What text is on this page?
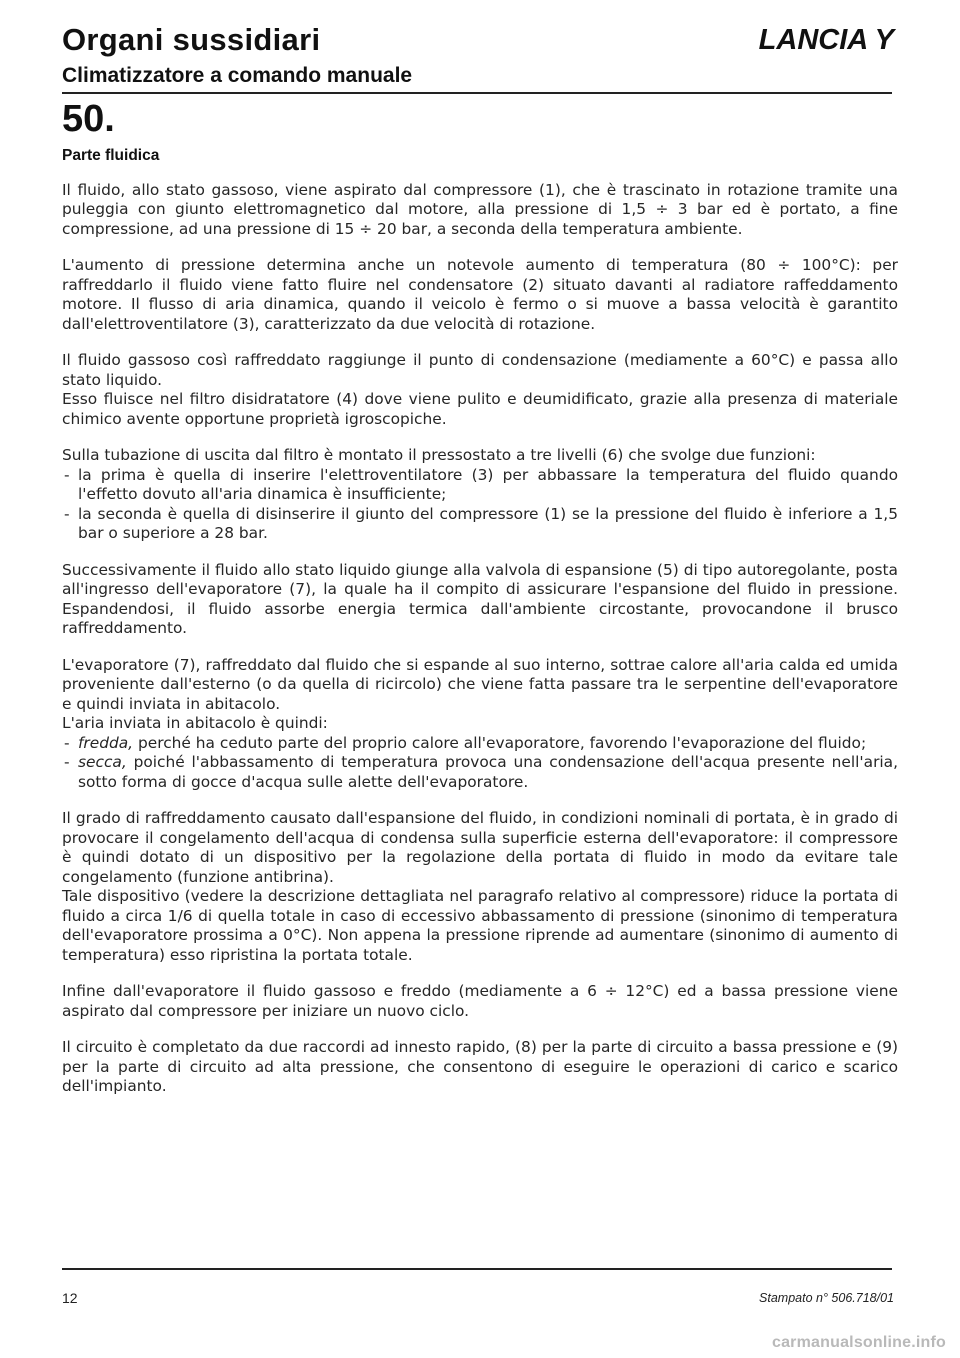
Organi sussidiari	LANCIA Y
Climatizzatore a comando manuale
50.
Parte fluidica

Il fluido, allo stato gassoso, viene aspirato dal compressore (1), che è trascinato in rotazione tramite una puleggia con giunto elettromagnetico dal motore, alla pressione di 1,5 ÷ 3 bar ed è portato, a fine compressione, ad una pressione di 15 ÷ 20 bar, a seconda della temperatura ambiente.

L'aumento di pressione determina anche un notevole aumento di temperatura (80 ÷ 100°C): per raffreddarlo il fluido viene fatto fluire nel condensatore (2) situato davanti al radiatore raffeddamento motore. Il flusso di aria dinamica, quando il veicolo è fermo o si muove a bassa velocità è garantito dall'elettroventilatore (3), caratterizzato da due velocità di rotazione.

Il fluido gassoso così raffreddato raggiunge il punto di condensazione (mediamente a 60°C) e passa allo stato liquido.
Esso fluisce nel filtro disidratatore (4) dove viene pulito e deumidificato, grazie alla presenza di materiale chimico avente opportune proprietà igroscopiche.

Sulla tubazione di uscita dal filtro è montato il pressostato a tre livelli (6) che svolge due funzioni:
- la prima è quella di inserire l'elettroventilatore (3) per abbassare la temperatura del fluido quando l'effetto dovuto all'aria dinamica è insufficiente;
- la seconda è quella di disinserire il giunto del compressore (1) se la pressione del fluido è inferiore a 1,5 bar o superiore a 28 bar.

Successivamente il fluido allo stato liquido giunge alla valvola di espansione (5) di tipo autoregolante, posta all'ingresso dell'evaporatore (7), la quale ha il compito di assicurare l'espansione del fluido in pressione. Espandendosi, il fluido assorbe energia termica dall'ambiente circostante, provocandone il brusco raffreddamento.

L'evaporatore (7), raffreddato dal fluido che si espande al suo interno, sottrae calore all'aria calda ed umida proveniente dall'esterno (o da quella di ricircolo) che viene fatta passare tra le serpentine dell'evaporatore e quindi inviata in abitacolo.
L'aria inviata in abitacolo è quindi:
- fredda, perché ha ceduto parte del proprio calore all'evaporatore, favorendo l'evaporazione del fluido;
- secca, poiché l'abbassamento di temperatura provoca una condensazione dell'acqua presente nell'aria, sotto forma di gocce d'acqua sulle alette dell'evaporatore.

Il grado di raffreddamento causato dall'espansione del fluido, in condizioni nominali di portata, è in grado di provocare il congelamento dell'acqua di condensa sulla superficie esterna dell'evaporatore: il compressore è quindi dotato di un dispositivo per la regolazione della portata di fluido in modo da evitare tale congelamento (funzione antibrina).
Tale dispositivo (vedere la descrizione dettagliata nel paragrafo relativo al compressore) riduce la portata di fluido a circa 1/6 di quella totale in caso di eccessivo abbassamento di pressione (sinonimo di temperatura dell'evaporatore prossima a 0°C). Non appena la pressione riprende ad aumentare (sinonimo di aumento di temperatura) esso ripristina la portata totale.

Infine dall'evaporatore il fluido gassoso e freddo (mediamente a 6 ÷ 12°C) ed a bassa pressione viene aspirato dal compressore per iniziare un nuovo ciclo.

Il circuito è completato da due raccordi ad innesto rapido, (8) per la parte di circuito a bassa pressione e (9) per la parte di circuito ad alta pressione, che consentono di eseguire le operazioni di carico e scarico dell'impianto.

12	Stampato n° 506.718/01
carmanualsonline.info
